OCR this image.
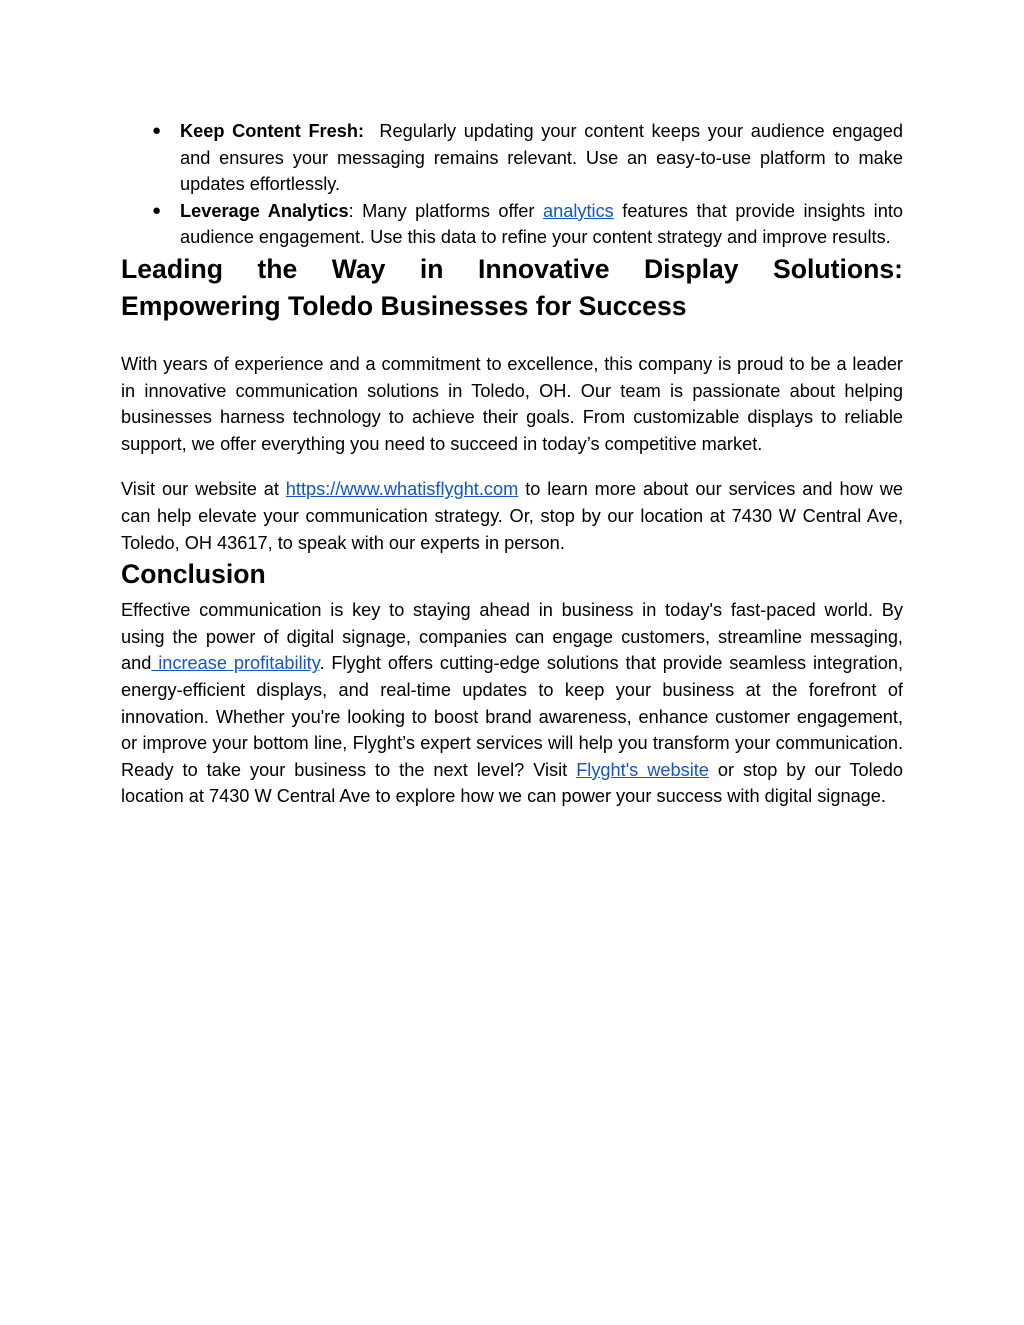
● Keep Content Fresh:  Regularly updating your content keeps your audience engaged and ensures your messaging remains relevant. Use an easy-to-use platform to make updates effortlessly.
● Leverage Analytics: Many platforms offer analytics features that provide insights into audience engagement. Use this data to refine your content strategy and improve results.
Leading the Way in Innovative Display Solutions: Empowering Toledo Businesses for Success

With years of experience and a commitment to excellence, this company is proud to be a leader in innovative communication solutions in Toledo, OH. Our team is passionate about helping businesses harness technology to achieve their goals. From customizable displays to reliable support, we offer everything you need to succeed in today’s competitive market.

Visit our website at https://www.whatisflyght.com to learn more about our services and how we can help elevate your communication strategy. Or, stop by our location at 7430 W Central Ave, Toledo, OH 43617, to speak with our experts in person.

Conclusion

Effective communication is key to staying ahead in business in today's fast-paced world. By using the power of digital signage, companies can engage customers, streamline messaging, and increase profitability. Flyght offers cutting-edge solutions that provide seamless integration, energy-efficient displays, and real-time updates to keep your business at the forefront of innovation. Whether you're looking to boost brand awareness, enhance customer engagement, or improve your bottom line, Flyght’s expert services will help you transform your communication. Ready to take your business to the next level? Visit Flyght's website or stop by our Toledo location at 7430 W Central Ave to explore how we can power your success with digital signage.
